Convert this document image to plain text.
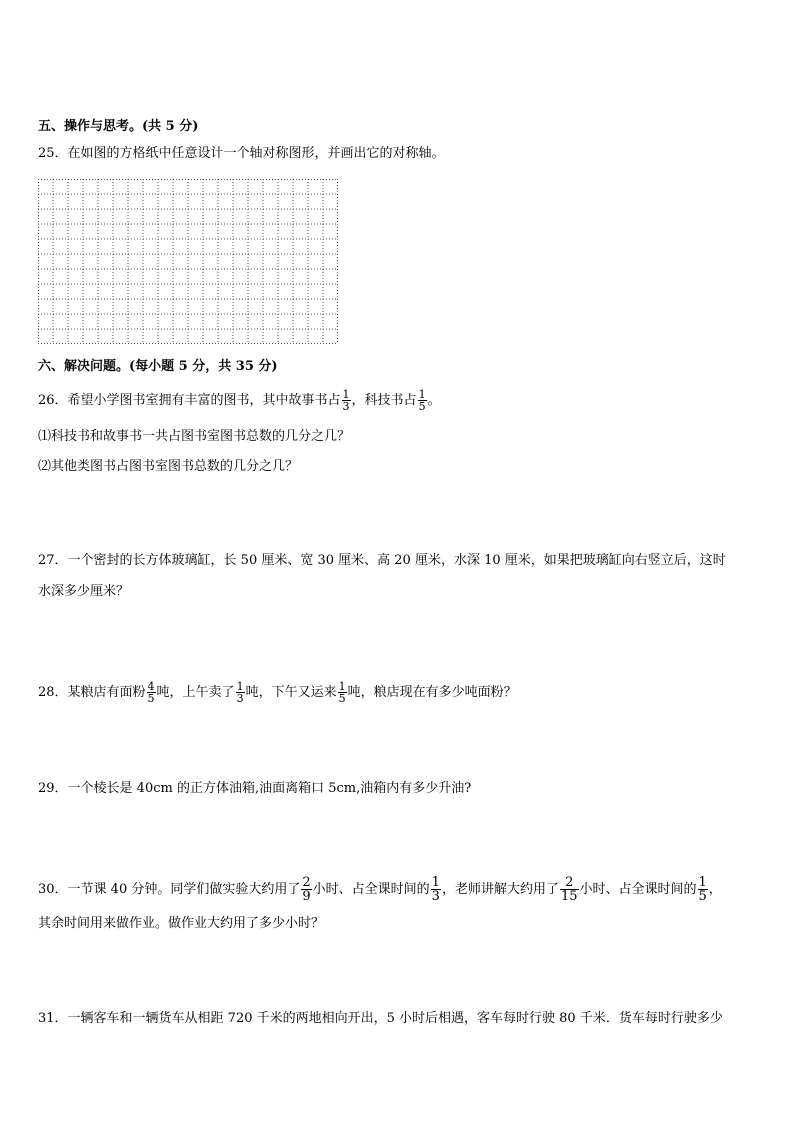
五、操作与思考。(共 5 分)
25．在如图的方格纸中任意设计一个轴对称图形，并画出它的对称轴。
六、解决问题。(每小题 5 分，共 35 分)
26．希望小学图书室拥有丰富的图书，其中故事书占 $\frac{1}{3}$ ，科技书占 $\frac{1}{5}$ 。
⑴科技书和故事书一共占图书室图书总数的几分之几？
⑵其他类图书占图书室图书总数的几分之几？
27．一个密封的长方体玻璃缸，长 50 厘米、宽 30 厘米、高 20 厘米，水深 10 厘米，如果把玻璃缸向右竖立后，这时
水深多少厘米？
28．某粮店有面粉 $\frac{4}{5}$ 吨，上午卖了 $\frac{1}{3}$ 吨，下午又运来 $\frac{1}{5}$ 吨，粮店现在有多少吨面粉？
29．一个棱长是 40cm 的正方体油箱,油面离箱口 5cm,油箱内有多少升油?
30．一节课 40 分钟。同学们做实验大约用了 $\frac{2}{9}$ 小时、占全课时间的 $\frac{1}{3}$ ，老师讲解大约用了 $\frac{2}{15}$ 小时、占全课时间的 $\frac{1}{5}$ ，
其余时间用来做作业。做作业大约用了多少小时？
31．一辆客车和一辆货车从相距 720 千米的两地相向开出，5 小时后相遇，客车每时行驶 80 千米．货车每时行驶多少
